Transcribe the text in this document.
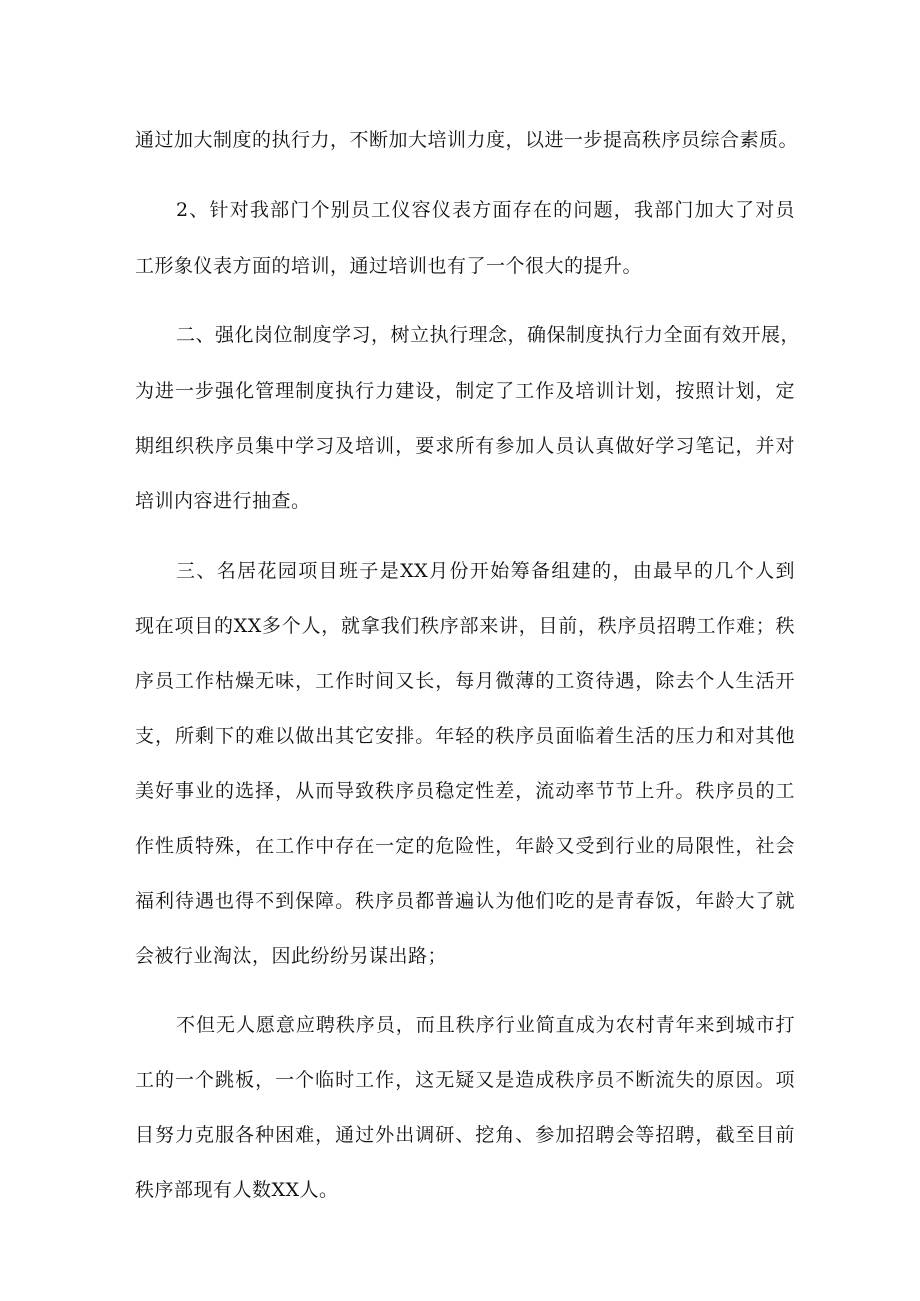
通过加大制度的执行力，不断加大培训力度，以进一步提高秩序员综合素质。
2、针对我部门个别员工仪容仪表方面存在的问题，我部门加大了对员
工形象仪表方面的培训，通过培训也有了一个很大的提升。
二、强化岗位制度学习，树立执行理念，确保制度执行力全面有效开展，
为进一步强化管理制度执行力建设，制定了工作及培训计划，按照计划，定
期组织秩序员集中学习及培训，要求所有参加人员认真做好学习笔记，并对
培训内容进行抽查。
三、名居花园项目班子是XX月份开始筹备组建的，由最早的几个人到
现在项目的XX多个人，就拿我们秩序部来讲，目前，秩序员招聘工作难；秩
序员工作枯燥无味，工作时间又长，每月微薄的工资待遇，除去个人生活开
支，所剩下的难以做出其它安排。年轻的秩序员面临着生活的压力和对其他
美好事业的选择，从而导致秩序员稳定性差，流动率节节上升。秩序员的工
作性质特殊，在工作中存在一定的危险性，年龄又受到行业的局限性，社会
福利待遇也得不到保障。秩序员都普遍认为他们吃的是青春饭，年龄大了就
会被行业淘汰，因此纷纷另谋出路；
不但无人愿意应聘秩序员，而且秩序行业简直成为农村青年来到城市打
工的一个跳板，一个临时工作，这无疑又是造成秩序员不断流失的原因。项
目努力克服各种困难，通过外出调研、挖角、参加招聘会等招聘，截至目前
秩序部现有人数XX人。
